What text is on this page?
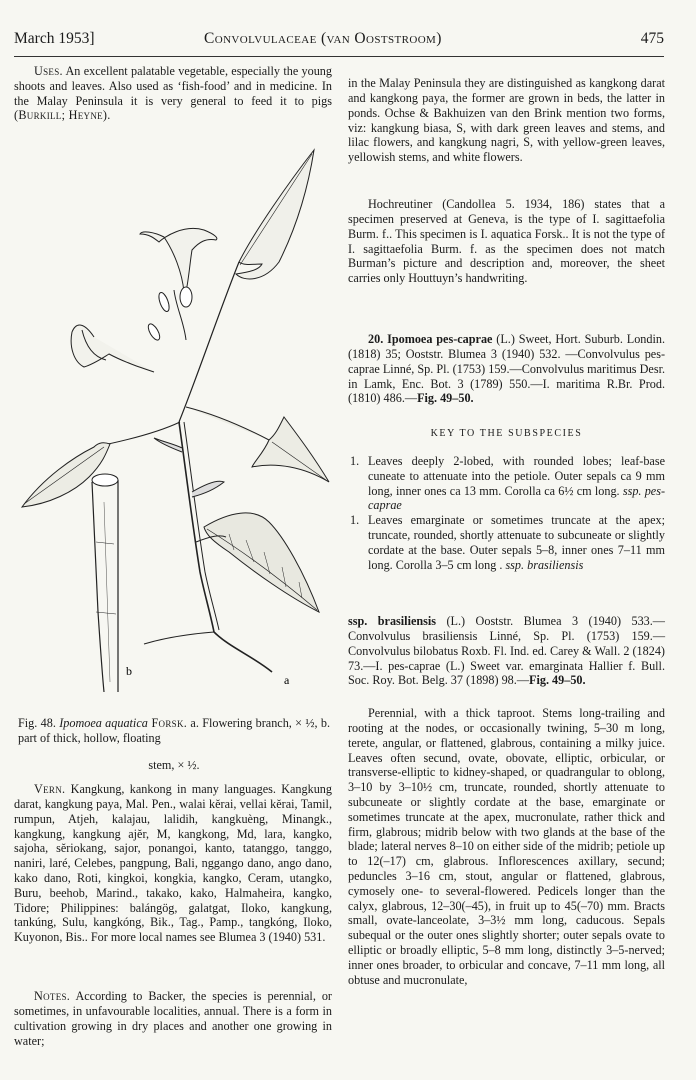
March 1953]	Convolvulaceae (van Ooststroom)	475

Uses. An excellent palatable vegetable, especially the young shoots and leaves. Also used as ‘fish-food’ and in medicine. In the Malay Peninsula it is very general to feed it to pigs (Burkill; Heyne).

b
a

Fig. 48. Ipomoea aquatica Forsk. a. Flowering branch, × ½, b. part of thick, hollow, floating

stem, × ½.

Vern. Kangkung, kankong in many languages. Kangkung darat, kangkung paya, Mal. Pen., walai kĕrai, vellai kĕrai, Tamil, rumpun, Atjeh, kalajau, lalidih, kangkuèng, Minangk., kangkung, kangkung ajĕr, M, kangkong, Md, lara, kangko, sajoha, sĕriokang, sajor, ponangoi, kanto, tatanggo, tanggo, naniri, laré, Celebes, pangpung, Bali, nggango dano, ango dano, kako dano, Roti, kingkoi, kongkia, kangko, Ceram, utangko, Buru, beehob, Marind., takako, kako, Halmaheira, kangko, Tidore; Philippines: balángög, galatgat, Iloko, kangkung, tankúng, Sulu, kangkóng, Bik., Tag., Pamp., tangkóng, Iloko, Kuyonon, Bis.. For more local names see Blumea 3 (1940) 531.

Notes. According to Backer, the species is perennial, or sometimes, in unfavourable localities, annual. There is a form in cultivation growing in dry places and another one growing in water;

in the Malay Peninsula they are distinguished as kangkong darat and kangkong paya, the former are grown in beds, the latter in ponds. Ochse & Bakhuizen van den Brink mention two forms, viz: kangkung biasa, S, with dark green leaves and stems, and lilac flowers, and kangkung nagri, S, with yellow-green leaves, yellowish stems, and white flowers.

Hochreutiner (Candollea 5. 1934, 186) states that a specimen preserved at Geneva, is the type of I. sagittaefolia Burm. f.. This specimen is I. aquatica Forsk.. It is not the type of I. sagittaefolia Burm. f. as the specimen does not match Burman’s picture and description and, moreover, the sheet carries only Houttuyn’s handwriting.

20. Ipomoea pes-caprae (L.) Sweet, Hort. Suburb. Londin. (1818) 35; Ooststr. Blumea 3 (1940) 532. —Convolvulus pes-caprae Linné, Sp. Pl. (1753) 159.—Convolvulus maritimus Desr. in Lamk, Enc. Bot. 3 (1789) 550.—I. maritima R.Br. Prod. (1810) 486.—Fig. 49–50.

KEY TO THE SUBSPECIES
1. Leaves deeply 2-lobed, with rounded lobes; leaf-base cuneate to attenuate into the petiole. Outer sepals ca 9 mm long, inner ones ca 13 mm. Corolla ca 6½ cm long. ssp. pes-caprae
1. Leaves emarginate or sometimes truncate at the apex; truncate, rounded, shortly attenuate to subcuneate or slightly cordate at the base. Outer sepals 5–8, inner ones 7–11 mm long. Corolla 3–5 cm long . ssp. brasiliensis

ssp. brasiliensis (L.) Ooststr. Blumea 3 (1940) 533.—Convolvulus brasiliensis Linné, Sp. Pl. (1753) 159.—Convolvulus bilobatus Roxb. Fl. Ind. ed. Carey & Wall. 2 (1824) 73.—I. pes-caprae (L.) Sweet var. emarginata Hallier f. Bull. Soc. Roy. Bot. Belg. 37 (1898) 98.—Fig. 49–50.

Perennial, with a thick taproot. Stems long-trailing and rooting at the nodes, or occasionally twining, 5–30 m long, terete, angular, or flattened, glabrous, containing a milky juice. Leaves often secund, ovate, obovate, elliptic, orbicular, or transverse-elliptic to kidney-shaped, or quadrangular to oblong, 3–10 by 3–10½ cm, truncate, rounded, shortly attenuate to subcuneate or slightly cordate at the base, emarginate or sometimes truncate at the apex, mucronulate, rather thick and firm, glabrous; midrib below with two glands at the base of the blade; lateral nerves 8–10 on either side of the midrib; petiole up to 12(–17) cm, glabrous. Inflorescences axillary, secund; peduncles 3–16 cm, stout, angular or flattened, glabrous, cymosely one- to several-flowered. Pedicels longer than the calyx, glabrous, 12–30(–45), in fruit up to 45(–70) mm. Bracts small, ovate-lanceolate, 3–3½ mm long, caducous. Sepals subequal or the outer ones slightly shorter; outer sepals ovate to elliptic or broadly elliptic, 5–8 mm long, distinctly 3–5-nerved; inner ones broader, to orbicular and concave, 7–11 mm long, all obtuse and mucronulate,
